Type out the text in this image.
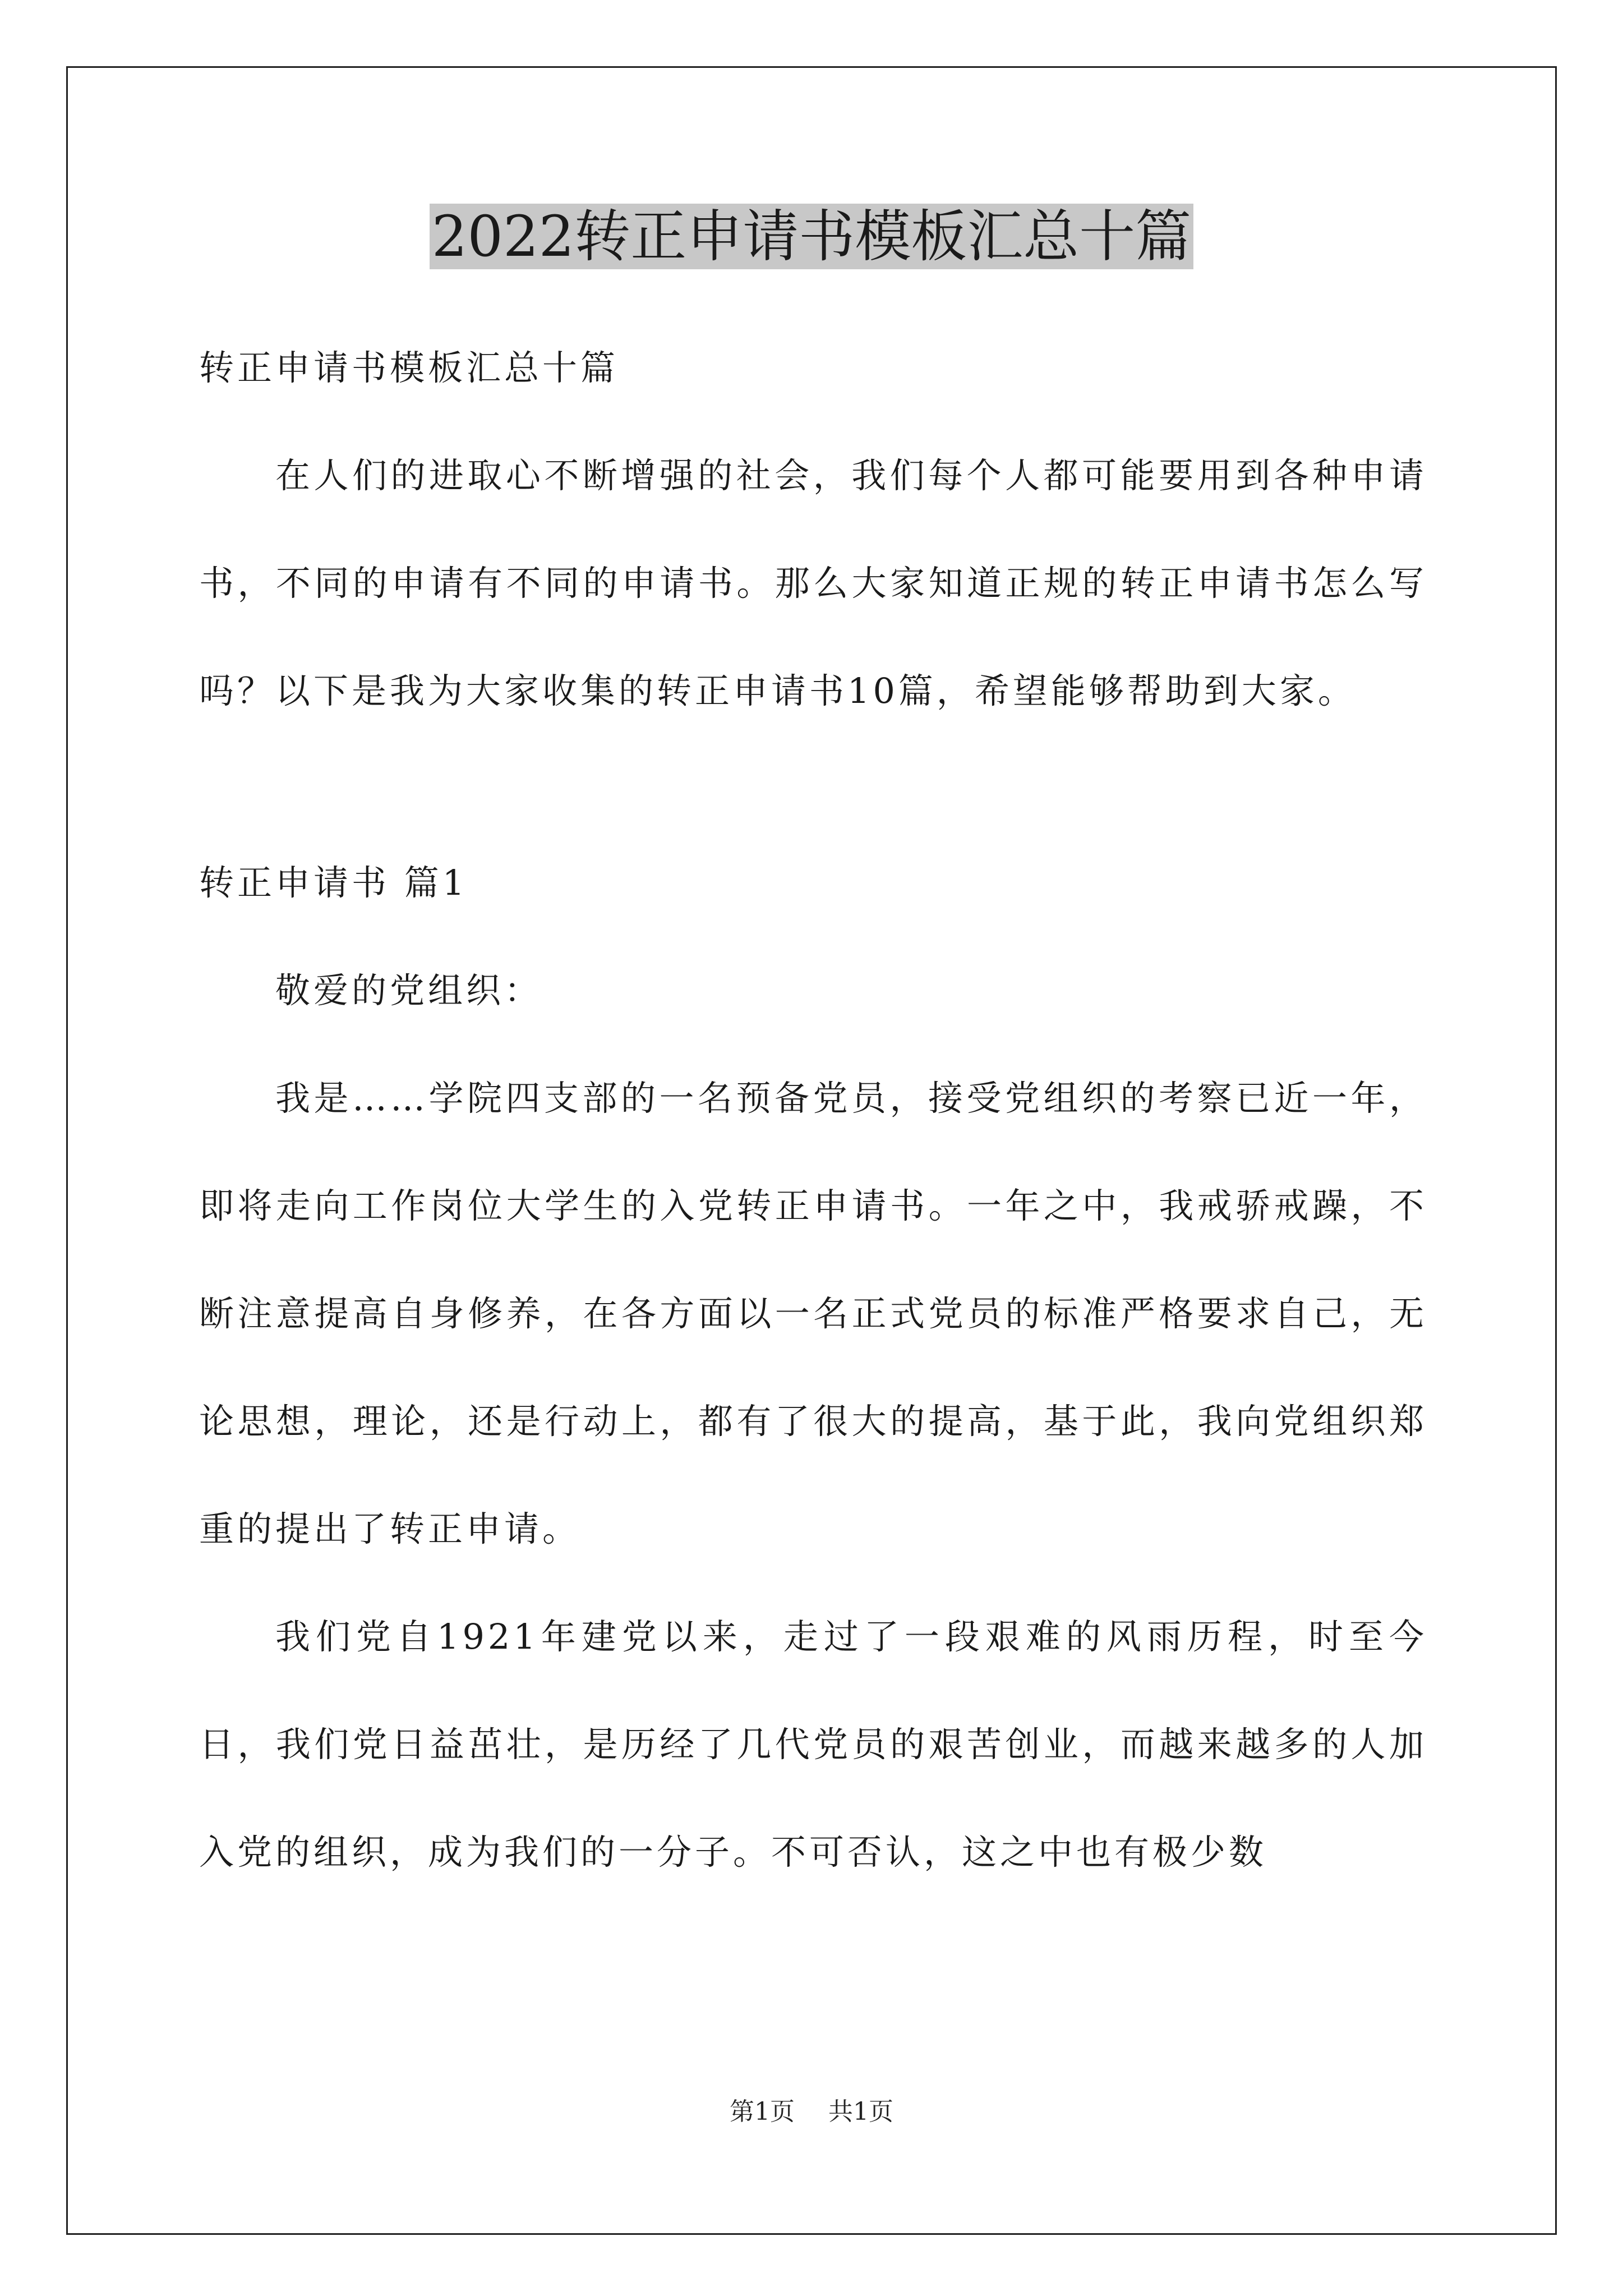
2022转正申请书模板汇总十篇

转正申请书模板汇总十篇

在人们的进取心不断增强的社会，我们每个人都可能要用到各种申请书，不同的申请有不同的申请书。那么大家知道正规的转正申请书怎么写吗？以下是我为大家收集的转正申请书10篇，希望能够帮助到大家。

转正申请书 篇1

敬爱的党组织：

我是……学院四支部的一名预备党员，接受党组织的考察已近一年，即将走向工作岗位大学生的入党转正申请书。一年之中，我戒骄戒躁，不断注意提高自身修养，在各方面以一名正式党员的标准严格要求自己，无论思想，理论，还是行动上，都有了很大的提高，基于此，我向党组织郑重的提出了转正申请。

我们党自1921年建党以来，走过了一段艰难的风雨历程，时至今日，我们党日益茁壮，是历经了几代党员的艰苦创业，而越来越多的人加入党的组织，成为我们的一分子。不可否认，这之中也有极少数

第1页 共1页
